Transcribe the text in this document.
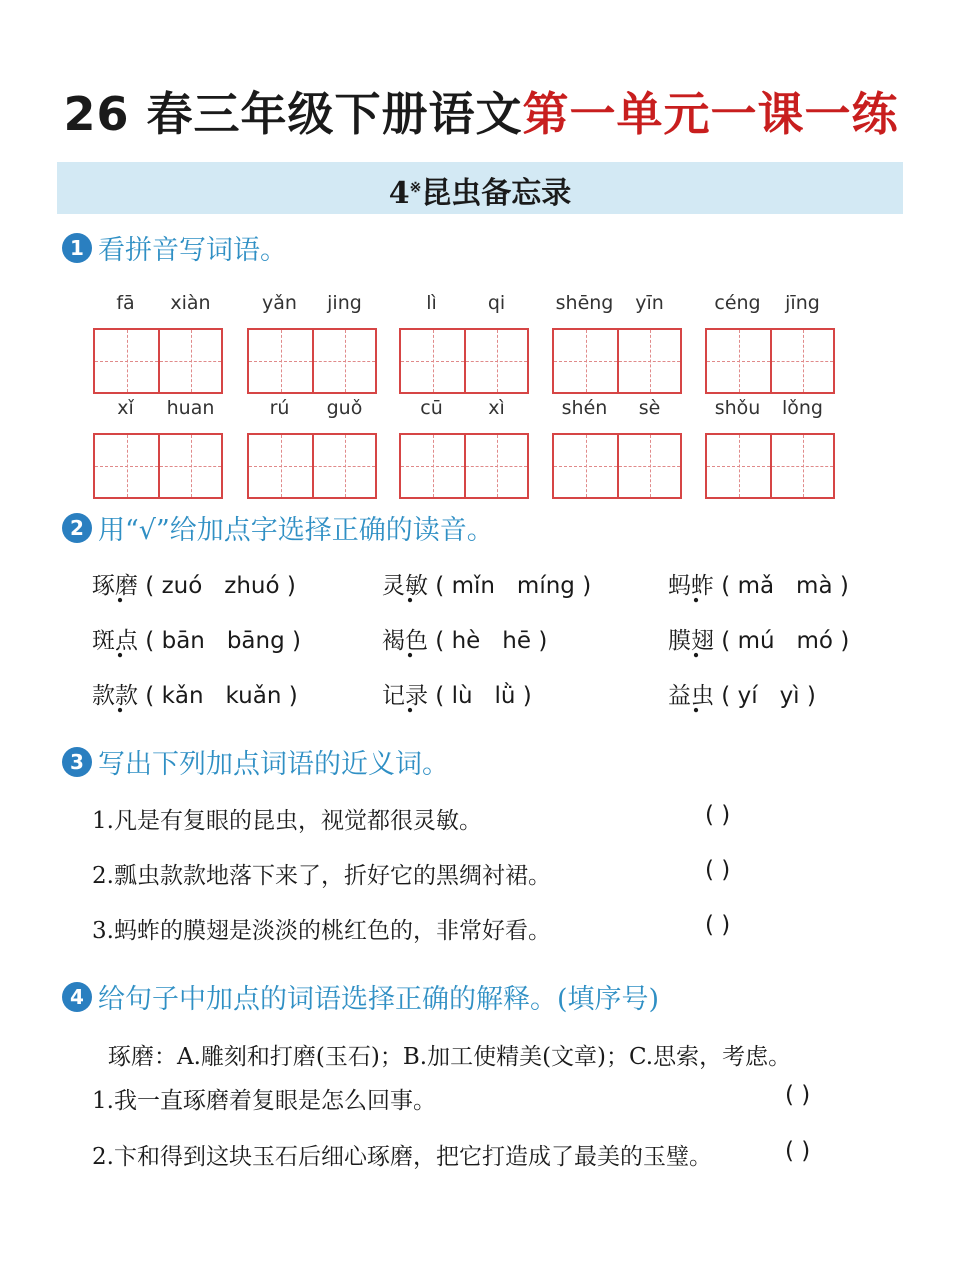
26 春三年级下册语文第一单元一课一练
4※昆虫备忘录
1 看拼音写词语。
fā	xiàn	yǎn	jing	lì	qi	shēng	yīn	céng	jīng
xǐ	huan	rú	guǒ	cū	xì	shén	sè	shǒu	lǒng
2 用“√”给加点字选择正确的读音。
琢磨 . ( zuó zhuó )	灵敏 . ( mǐn míng )	蚂蚱 . ( mǎ mà )
斑点 . ( bān bāng )	褐色 . ( hè hē )	膜翅 . ( mú mó )
款款 . ( kǎn kuǎn )	记录 . ( lù lǜ )	益虫 . ( yí yì )
3 写出下列加点词语的近义词。
1.凡是有复眼的昆虫，视觉都很灵敏。	( )
2.瓢虫款款地落下来了，折好它的黑绸衬裙。	( )
3.蚂蚱的膜翅是淡淡的桃红色的，非常好看。	( )
4 给句子中加点的词语选择正确的解释。(填序号)
琢磨：A.雕刻和打磨(玉石)；B.加工使精美(文章)；C.思索，考虑。
1.我一直琢磨着复眼是怎么回事。	( )
2.卞和得到这块玉石后细心琢磨，把它打造成了最美的玉璧。	( )
